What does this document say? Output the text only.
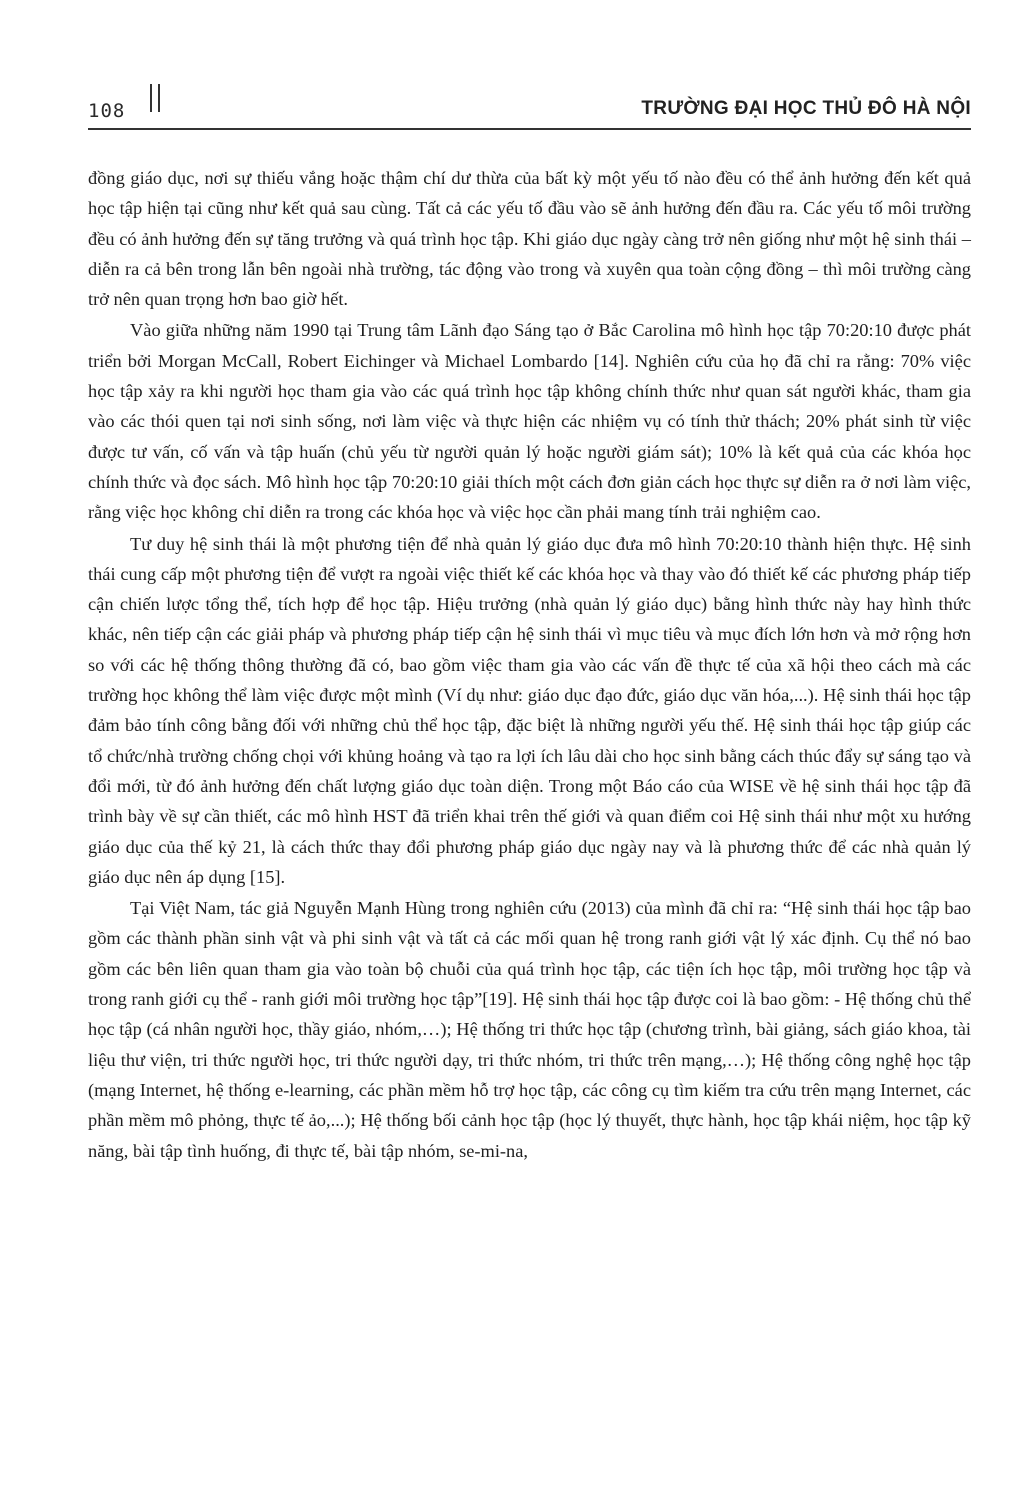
108	TRƯỜNG ĐẠI HỌC THỦ ĐÔ HÀ NỘI

đồng giáo dục, nơi sự thiếu vắng hoặc thậm chí dư thừa của bất kỳ một yếu tố nào đều có thể ảnh hưởng đến kết quả học tập hiện tại cũng như kết quả sau cùng. Tất cả các yếu tố đầu vào sẽ ảnh hưởng đến đầu ra. Các yếu tố môi trường đều có ảnh hưởng đến sự tăng trưởng và quá trình học tập. Khi giáo dục ngày càng trở nên giống như một hệ sinh thái – diễn ra cả bên trong lẫn bên ngoài nhà trường, tác động vào trong và xuyên qua toàn cộng đồng – thì môi trường càng trở nên quan trọng hơn bao giờ hết.

Vào giữa những năm 1990 tại Trung tâm Lãnh đạo Sáng tạo ở Bắc Carolina mô hình học tập 70:20:10 được phát triển bởi Morgan McCall, Robert Eichinger và Michael Lombardo [14]. Nghiên cứu của họ đã chỉ ra rằng: 70% việc học tập xảy ra khi người học tham gia vào các quá trình học tập không chính thức như quan sát người khác, tham gia vào các thói quen tại nơi sinh sống, nơi làm việc và thực hiện các nhiệm vụ có tính thử thách; 20% phát sinh từ việc được tư vấn, cố vấn và tập huấn (chủ yếu từ người quản lý hoặc người giám sát); 10% là kết quả của các khóa học chính thức và đọc sách. Mô hình học tập 70:20:10 giải thích một cách đơn giản cách học thực sự diễn ra ở nơi làm việc, rằng việc học không chỉ diễn ra trong các khóa học và việc học cần phải mang tính trải nghiệm cao.

Tư duy hệ sinh thái là một phương tiện để nhà quản lý giáo dục đưa mô hình 70:20:10 thành hiện thực. Hệ sinh thái cung cấp một phương tiện để vượt ra ngoài việc thiết kế các khóa học và thay vào đó thiết kế các phương pháp tiếp cận chiến lược tổng thể, tích hợp để học tập. Hiệu trưởng (nhà quản lý giáo dục) bằng hình thức này hay hình thức khác, nên tiếp cận các giải pháp và phương pháp tiếp cận hệ sinh thái vì mục tiêu và mục đích lớn hơn và mở rộng hơn so với các hệ thống thông thường đã có, bao gồm việc tham gia vào các vấn đề thực tế của xã hội theo cách mà các trường học không thể làm việc được một mình (Ví dụ như: giáo dục đạo đức, giáo dục văn hóa,...). Hệ sinh thái học tập đảm bảo tính công bằng đối với những chủ thể học tập, đặc biệt là những người yếu thế. Hệ sinh thái học tập giúp các tổ chức/nhà trường chống chọi với khủng hoảng và tạo ra lợi ích lâu dài cho học sinh bằng cách thúc đẩy sự sáng tạo và đổi mới, từ đó ảnh hưởng đến chất lượng giáo dục toàn diện. Trong một Báo cáo của WISE về hệ sinh thái học tập đã trình bày về sự cần thiết, các mô hình HST đã triển khai trên thế giới và quan điểm coi Hệ sinh thái như một xu hướng giáo dục của thế kỷ 21, là cách thức thay đổi phương pháp giáo dục ngày nay và là phương thức để các nhà quản lý giáo dục nên áp dụng [15].

Tại Việt Nam, tác giả Nguyễn Mạnh Hùng trong nghiên cứu (2013) của mình đã chỉ ra: “Hệ sinh thái học tập bao gồm các thành phần sinh vật và phi sinh vật và tất cả các mối quan hệ trong ranh giới vật lý xác định. Cụ thể nó bao gồm các bên liên quan tham gia vào toàn bộ chuỗi của quá trình học tập, các tiện ích học tập, môi trường học tập và trong ranh giới cụ thể - ranh giới môi trường học tập”[19]. Hệ sinh thái học tập được coi là bao gồm: - Hệ thống chủ thể học tập (cá nhân người học, thầy giáo, nhóm,…); Hệ thống tri thức học tập (chương trình, bài giảng, sách giáo khoa, tài liệu thư viện, tri thức người học, tri thức người dạy, tri thức nhóm, tri thức trên mạng,…); Hệ thống công nghệ học tập (mạng Internet, hệ thống e-learning, các phần mềm hỗ trợ học tập, các công cụ tìm kiếm tra cứu trên mạng Internet, các phần mềm mô phỏng, thực tế ảo,...); Hệ thống bối cảnh học tập (học lý thuyết, thực hành, học tập khái niệm, học tập kỹ năng, bài tập tình huống, đi thực tế, bài tập nhóm, se-mi-na,
